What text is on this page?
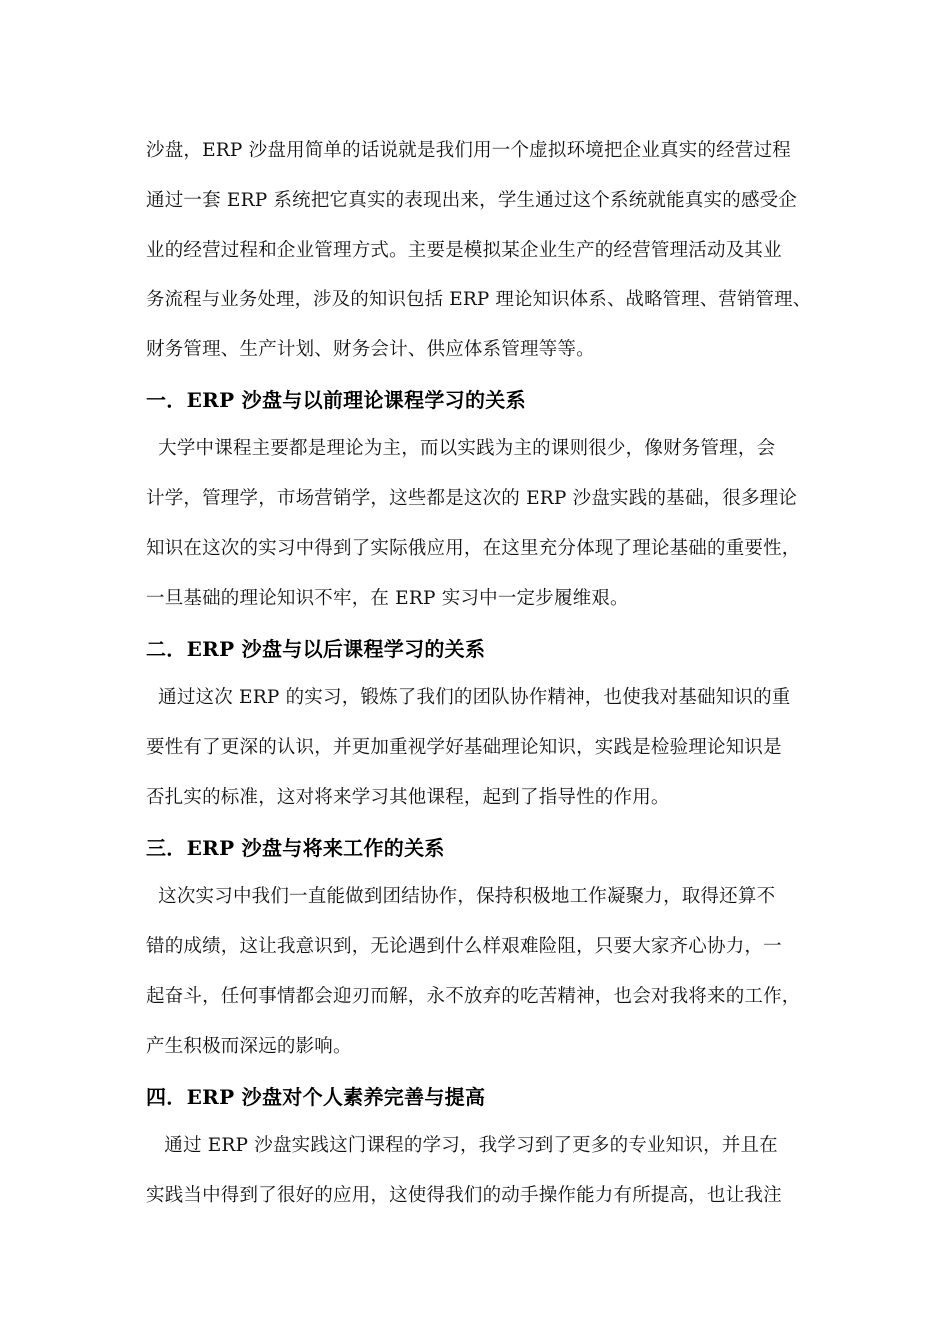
沙盘，ERP 沙盘用简单的话说就是我们用一个虚拟环境把企业真实的经营过程

通过一套 ERP 系统把它真实的表现出来，学生通过这个系统就能真实的感受企

业的经营过程和企业管理方式。主要是模拟某企业生产的经营管理活动及其业

务流程与业务处理，涉及的知识包括 ERP 理论知识体系、战略管理、营销管理、

财务管理、生产计划、财务会计、供应体系管理等等。

一．ERP 沙盘与以前理论课程学习的关系

大学中课程主要都是理论为主，而以实践为主的课则很少，像财务管理，会

计学，管理学，市场营销学，这些都是这次的 ERP 沙盘实践的基础，很多理论

知识在这次的实习中得到了实际俄应用，在这里充分体现了理论基础的重要性，

一旦基础的理论知识不牢，在 ERP 实习中一定步履维艰。

二．ERP 沙盘与以后课程学习的关系

通过这次 ERP 的实习，锻炼了我们的团队协作精神，也使我对基础知识的重

要性有了更深的认识，并更加重视学好基础理论知识，实践是检验理论知识是

否扎实的标准，这对将来学习其他课程，起到了指导性的作用。

三．ERP 沙盘与将来工作的关系

这次实习中我们一直能做到团结协作，保持积极地工作凝聚力，取得还算不

错的成绩，这让我意识到，无论遇到什么样艰难险阻，只要大家齐心协力，一

起奋斗，任何事情都会迎刃而解，永不放弃的吃苦精神，也会对我将来的工作，

产生积极而深远的影响。

四．ERP 沙盘对个人素养完善与提高

通过 ERP 沙盘实践这门课程的学习，我学习到了更多的专业知识，并且在

实践当中得到了很好的应用，这使得我们的动手操作能力有所提高，也让我注
